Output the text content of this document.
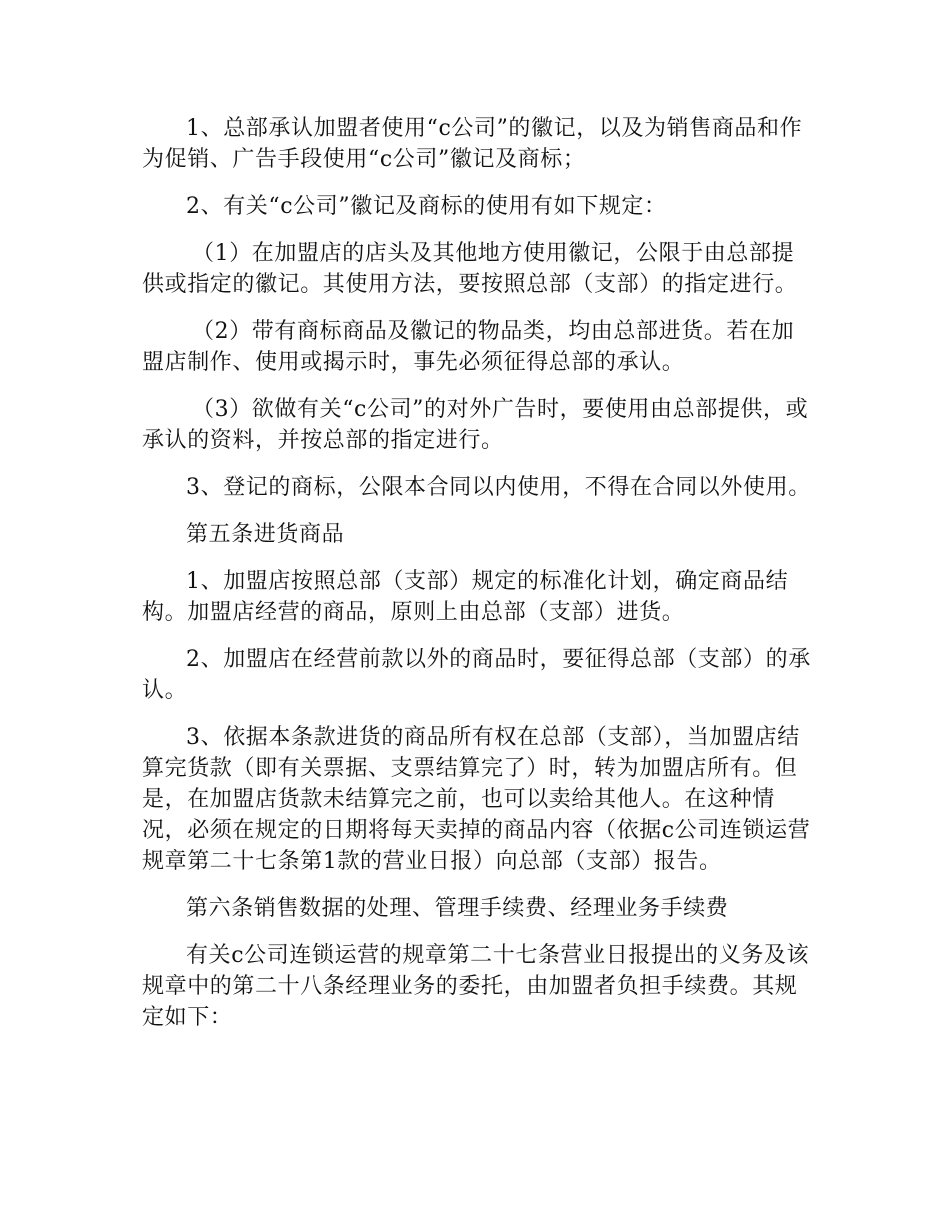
1、总部承认加盟者使用“c公司”的徽记，以及为销售商品和作为促销、广告手段使用“c公司”徽记及商标；

2、有关“c公司”徽记及商标的使用有如下规定：

（1）在加盟店的店头及其他地方使用徽记，公限于由总部提供或指定的徽记。其使用方法，要按照总部（支部）的指定进行。

（2）带有商标商品及徽记的物品类，均由总部进货。若在加盟店制作、使用或揭示时，事先必须征得总部的承认。

（3）欲做有关“c公司”的对外广告时，要使用由总部提供，或承认的资料，并按总部的指定进行。

3、登记的商标，公限本合同以内使用，不得在合同以外使用。

第五条进货商品

1、加盟店按照总部（支部）规定的标准化计划，确定商品结构。加盟店经营的商品，原则上由总部（支部）进货。

2、加盟店在经营前款以外的商品时，要征得总部（支部）的承认。

3、依据本条款进货的商品所有权在总部（支部），当加盟店结算完货款（即有关票据、支票结算完了）时，转为加盟店所有。但是，在加盟店货款未结算完之前，也可以卖给其他人。在这种情况，必须在规定的日期将每天卖掉的商品内容（依据c公司连锁运营规章第二十七条第1款的营业日报）向总部（支部）报告。

第六条销售数据的处理、管理手续费、经理业务手续费

有关c公司连锁运营的规章第二十七条营业日报提出的义务及该规章中的第二十八条经理业务的委托，由加盟者负担手续费。其规定如下：
